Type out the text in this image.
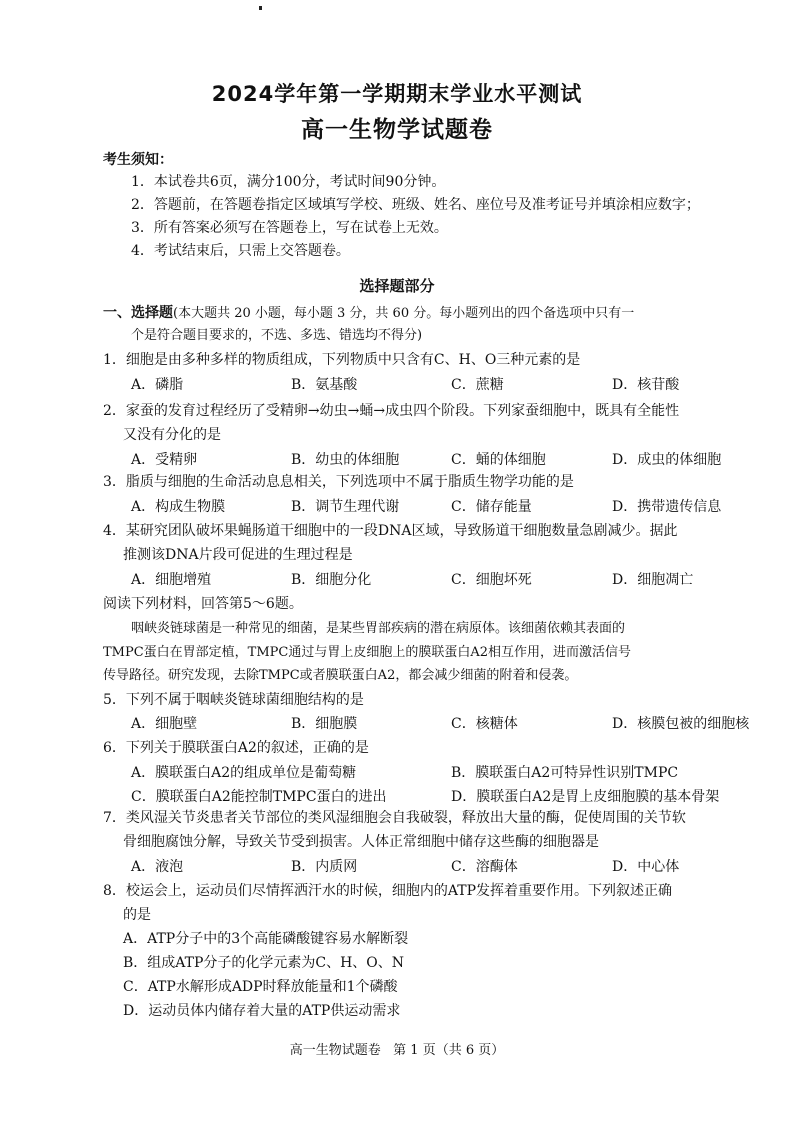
2024学年第一学期期末学业水平测试
高一生物学试题卷
考生须知：
1．本试卷共6页，满分100分，考试时间90分钟。
2．答题前，在答题卷指定区域填写学校、班级、姓名、座位号及准考证号并填涂相应数字；
3．所有答案必须写在答题卷上，写在试卷上无效。
4．考试结束后，只需上交答题卷。
选择题部分
一、选择题(本大题共 20 小题，每小题 3 分，共 60 分。每小题列出的四个备选项中只有一
个是符合题目要求的，不选、多选、错选均不得分)
1．细胞是由多种多样的物质组成，下列物质中只含有C、H、O三种元素的是
A．磷脂	B．氨基酸	C．蔗糖	D．核苷酸
2．家蚕的发育过程经历了受精卵→幼虫→蛹→成虫四个阶段。下列家蚕细胞中，既具有全能性
又没有分化的是
A．受精卵	B．幼虫的体细胞	C．蛹的体细胞	D．成虫的体细胞
3．脂质与细胞的生命活动息息相关，下列选项中不属于脂质生物学功能的是
A．构成生物膜	B．调节生理代谢	C．储存能量	D．携带遗传信息
4．某研究团队破坏果蝇肠道干细胞中的一段DNA区域，导致肠道干细胞数量急剧减少。据此
推测该DNA片段可促进的生理过程是
A．细胞增殖	B．细胞分化	C．细胞坏死	D．细胞凋亡
阅读下列材料，回答第5～6题。
咽峡炎链球菌是一种常见的细菌，是某些胃部疾病的潜在病原体。该细菌依赖其表面的
TMPC蛋白在胃部定植，TMPC通过与胃上皮细胞上的膜联蛋白A2相互作用，进而激活信号
传导路径。研究发现，去除TMPC或者膜联蛋白A2，都会减少细菌的附着和侵袭。
5．下列不属于咽峡炎链球菌细胞结构的是
A．细胞壁	B．细胞膜	C．核糖体	D．核膜包被的细胞核
6．下列关于膜联蛋白A2的叙述，正确的是
A．膜联蛋白A2的组成单位是葡萄糖	B．膜联蛋白A2可特异性识别TMPC
C．膜联蛋白A2能控制TMPC蛋白的进出	D．膜联蛋白A2是胃上皮细胞膜的基本骨架
7．类风湿关节炎患者关节部位的类风湿细胞会自我破裂，释放出大量的酶，促使周围的关节软
骨细胞腐蚀分解，导致关节受到损害。人体正常细胞中储存这些酶的细胞器是
A．液泡	B．内质网	C．溶酶体	D．中心体
8．校运会上，运动员们尽情挥洒汗水的时候，细胞内的ATP发挥着重要作用。下列叙述正确
的是
A．ATP分子中的3个高能磷酸键容易水解断裂
B．组成ATP分子的化学元素为C、H、O、N
C．ATP水解形成ADP时释放能量和1个磷酸
D．运动员体内储存着大量的ATP供运动需求
高一生物试题卷   第 1 页（共 6 页）
